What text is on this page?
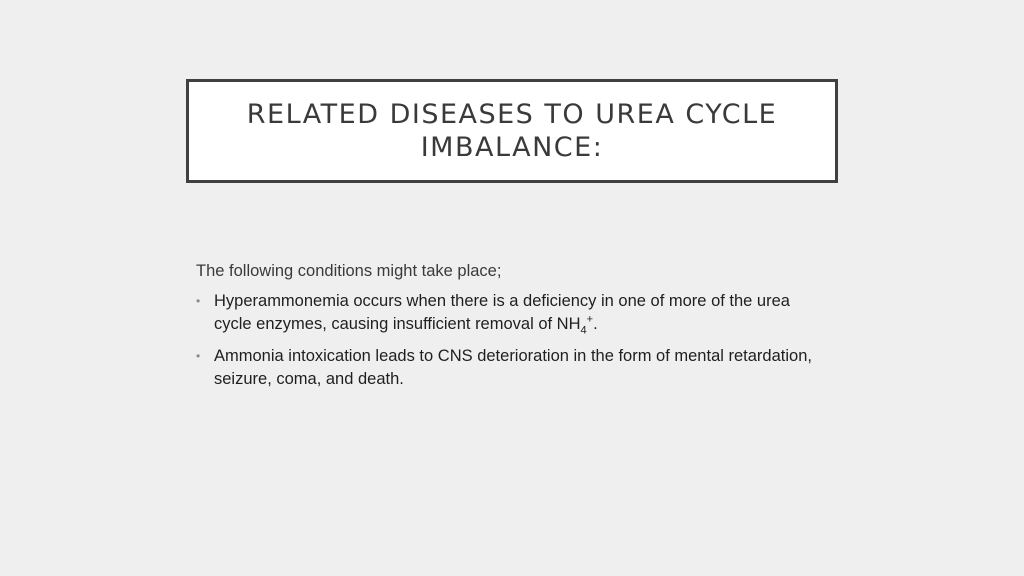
RELATED DISEASES TO UREA CYCLE IMBALANCE:

The following conditions might take place;

• Hyperammonemia occurs when there is a deficiency in one of more of the urea cycle enzymes, causing insufficient removal of $NH_4^+$.
• Ammonia intoxication leads to CNS deterioration in the form of mental retardation, seizure, coma, and death.
